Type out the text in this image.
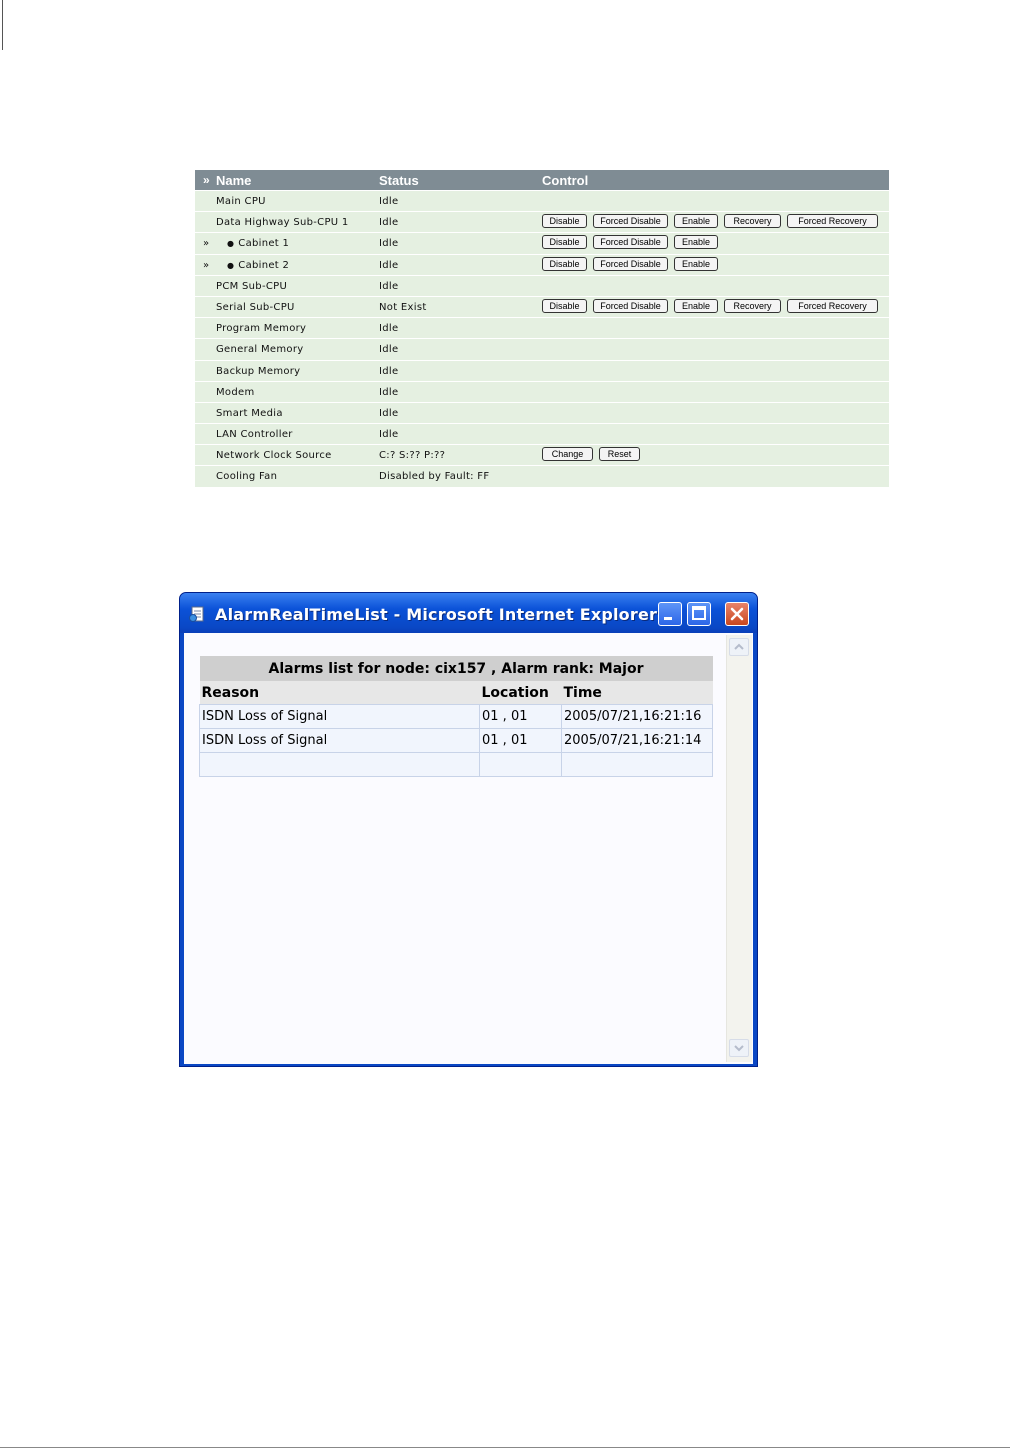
» Name	Status	Control
Main CPU	Idle
Data Highway Sub-CPU 1	Idle	Disable	Forced Disable	Enable	Recovery	Forced Recovery
» ● Cabinet 1	Idle	Disable	Forced Disable	Enable
» ● Cabinet 2	Idle	Disable	Forced Disable	Enable
PCM Sub-CPU	Idle
Serial Sub-CPU	Not Exist	Disable	Forced Disable	Enable	Recovery	Forced Recovery
Program Memory	Idle
General Memory	Idle
Backup Memory	Idle
Modem	Idle
Smart Media	Idle
LAN Controller	Idle
Network Clock Source	C:? S:?? P:??	Change	Reset
Cooling Fan	Disabled by Fault: FF
AlarmRealTimeList - Microsoft Internet Explorer
Alarms list for node: cix157 , Alarm rank: Major		
Reason	Location	Time
ISDN Loss of Signal	01 , 01	2005/07/21,16:21:16
ISDN Loss of Signal	01 , 01	2005/07/21,16:21:14
